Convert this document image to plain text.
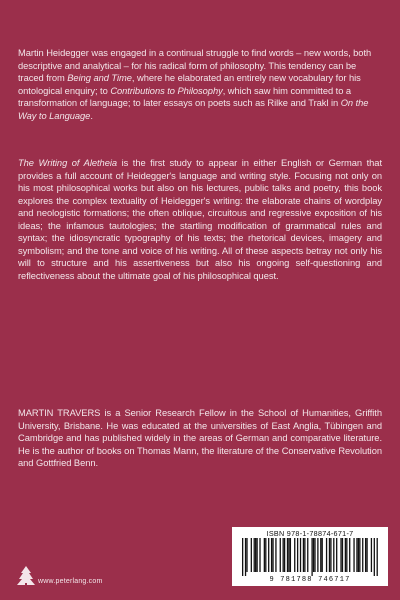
Martin Heidegger was engaged in a continual struggle to find words – new words, both descriptive and analytical – for his radical form of philosophy. This tendency can be traced from Being and Time, where he elaborated an entirely new vocabulary for his ontological enquiry; to Contributions to Philosophy, which saw him committed to a transformation of language; to later essays on poets such as Rilke and Trakl in On the Way to Language.

The Writing of Aletheia is the first study to appear in either English or German that provides a full account of Heidegger's language and writing style. Focusing not only on his most philosophical works but also on his lectures, public talks and poetry, this book explores the complex textuality of Heidegger's writing: the elaborate chains of wordplay and neologistic formations; the often oblique, circuitous and regressive exposition of his ideas; the infamous tautologies; the startling modification of grammatical rules and syntax; the idiosyncratic typography of his texts; the rhetorical devices, imagery and symbolism; and the tone and voice of his writing. All of these aspects betray not only his will to structure and his assertiveness but also his ongoing self-questioning and reflectiveness about the ultimate goal of his philosophical quest.

MARTIN TRAVERS is a Senior Research Fellow in the School of Humanities, Griffith University, Brisbane. He was educated at the universities of East Anglia, Tübingen and Cambridge and has published widely in the areas of German and comparative literature. He is the author of books on Thomas Mann, the literature of the Conservative Revolution and Gottfried Benn.

www.peterlang.com
ISBN 978-1-78874-671-7
9 781788 746717
